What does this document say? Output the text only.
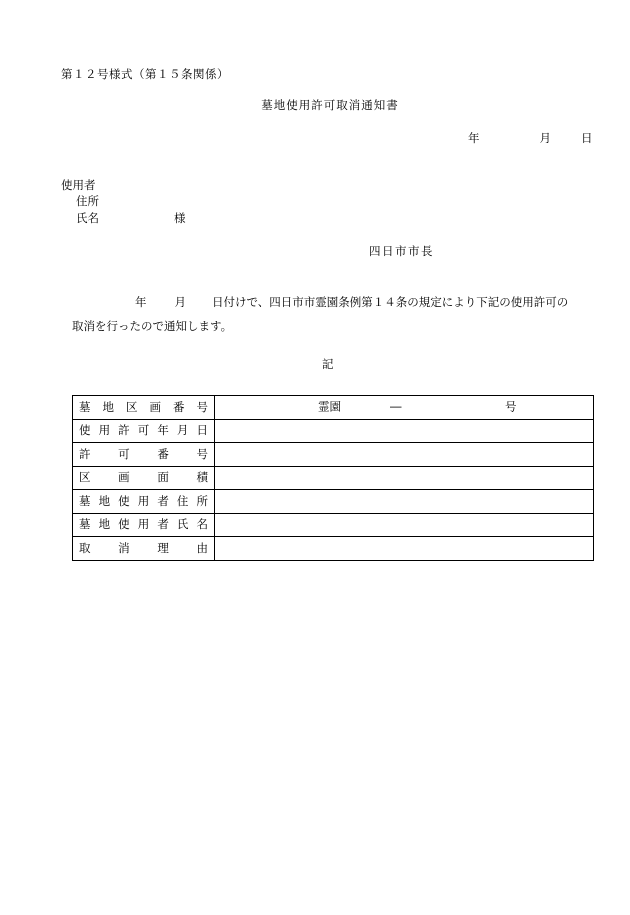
第１２号様式（第１５条関係）
墓地使用許可取消通知書
年	月	日
使用者
住所
氏名	様
四日市市長
年 月 日付けで、四日市市霊園条例第１４条の規定により下記の使用許可の
取消を行ったので通知します。
記
墓地区画番号	霊園 ― 号

使用許可年月日	
許可番号	
区画面積	
墓地使用者住所	
墓地使用者氏名	
取消理由	
